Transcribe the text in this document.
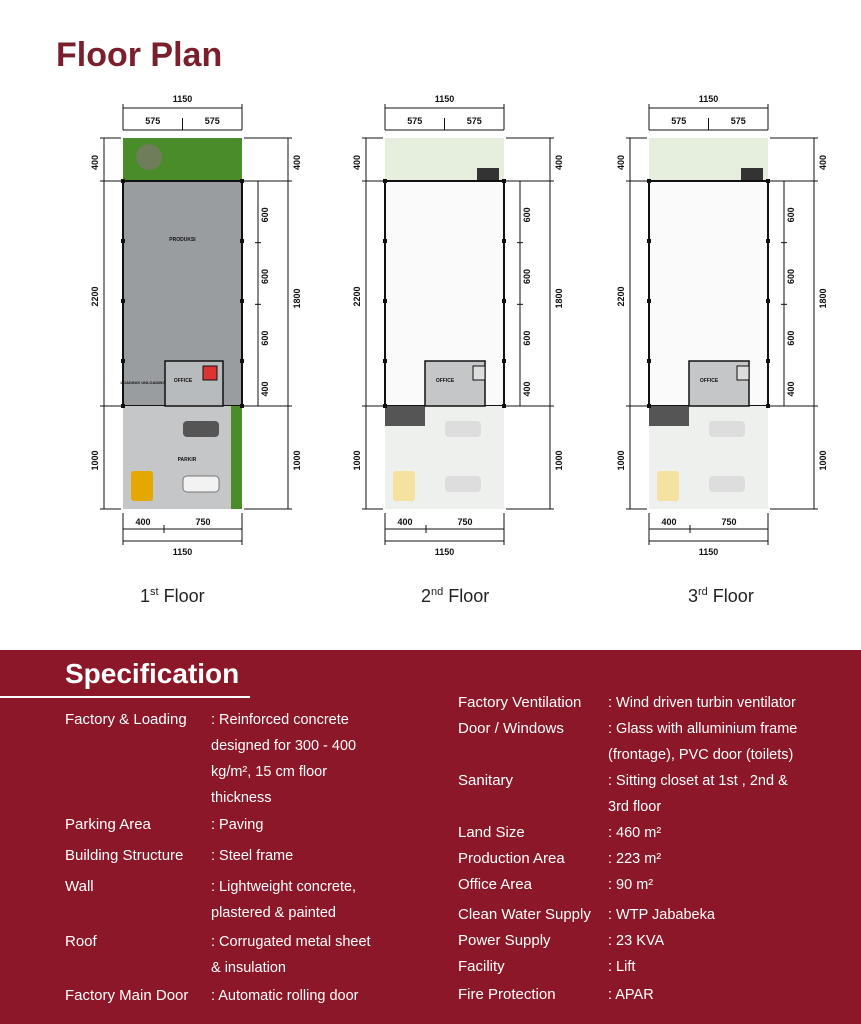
Floor Plan
1150
575	575
400
2200
1000
400
1000
1800
600
600
600
400
400	750
1150
PRODUKSI
OFFICE
LOADING/ UNLOADING
PARKIR
1150
575	575
400
2200
1000
400
1000
1800
600
600
600
400
400	750
1150
OFFICE
1150
575	575
400
2200
1000
400
1000
1800
600
600
600
400
400	750
1150
OFFICE
1st Floor	2nd Floor	3rd Floor
Specification
Factory & Loading : Reinforced concrete designed for 300 - 400 kg/m², 15 cm floor thickness
Parking Area	: Paving
Building Structure : Steel frame
Wall	: Lightweight concrete, plastered & painted
Roof	: Corrugated metal sheet & insulation
Factory Main Door : Automatic rolling door
Factory Ventilation : Wind driven turbin ventilator
Door / Windows	: Glass with alluminium frame (frontage), PVC door (toilets)
Sanitary	: Sitting closet at 1st , 2nd & 3rd floor
Land Size	: 460 m²
Production Area	: 223 m²
Office Area	: 90 m²
Clean Water Supply : WTP Jababeka
Power Supply	: 23 KVA
Facility	: Lift
Fire Protection	: APAR
